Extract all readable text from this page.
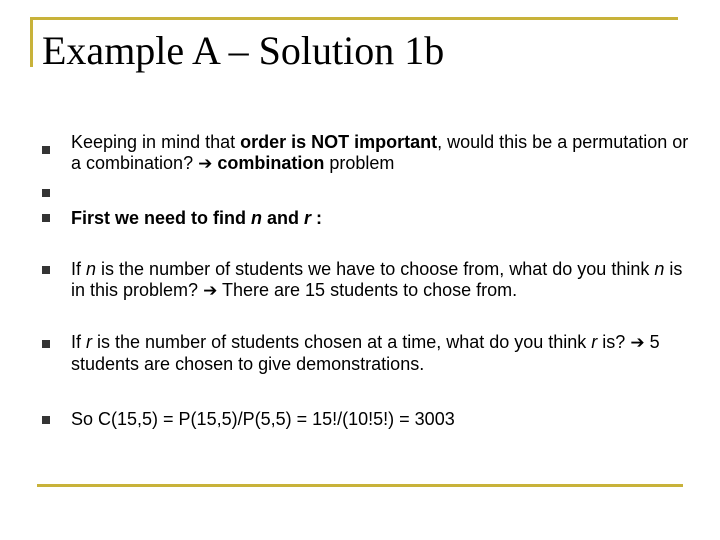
Example A – Solution 1b
Keeping in mind that order is NOT important, would this be a permutation or a combination? ➔ combination problem
First we need to find n and r :
If n is the number of students we have to choose from, what do you think n is in this problem? ➔ There are 15 students to chose from.
If r is the number of students chosen at a time, what do you think r is? ➔ 5 students are chosen to give demonstrations.
So C(15,5) = P(15,5)/P(5,5) = 15!/(10!5!) = 3003
